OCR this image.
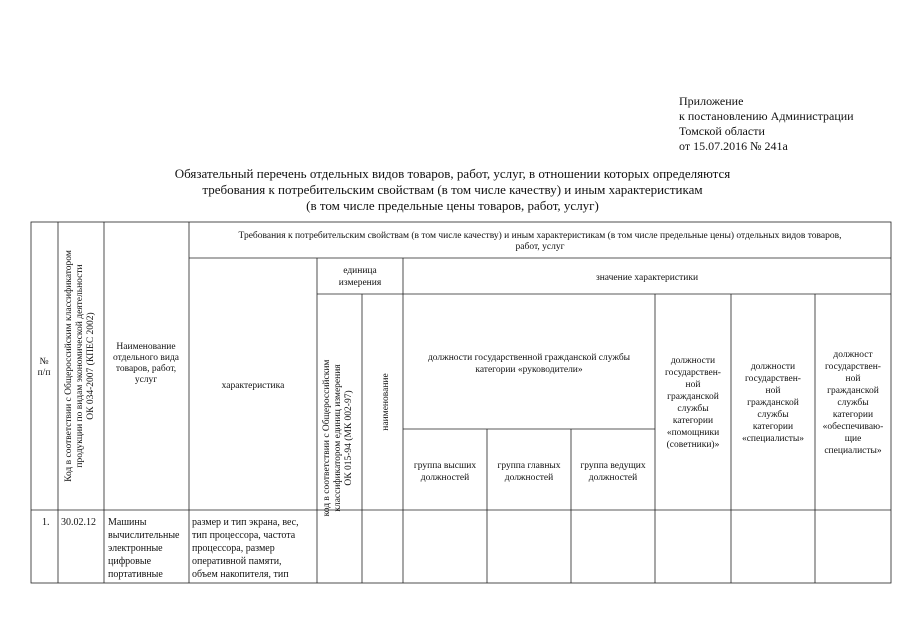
Приложение
к постановлению Администрации
Томской области
от 15.07.2016 № 241а
Обязательный перечень отдельных видов товаров, работ, услуг, в отношении которых определяются
требования к потребительским свойствам (в том числе качеству) и иным характеристикам
(в том числе предельные цены товаров, работ, услуг)
№
п/п Код в соответствии с Общероссийским классификатором продукции по видам экономической деятельности ОК 034-2007 (КПЕС 2002) Наименование
отдельного вида
товаров, работ,
услуг
Требования к потребительским свойствам (в том числе качеству) и иным характеристикам (в том числе предельные цены) отдельных видов товаров,
работ, услуг
характеристика
единица
измерения
код в соответствии с Общероссийским классификатором единиц измерения ОК 015-94 (МК 002-97)	наименование
значение характеристики
должности государственной гражданской службы
категории «руководители»
группа высших
должностей
группа главных
должностей
группа ведущих
должностей
должности
государствен-
ной
гражданской
службы
категории
«помощники
(советники)»
должности
государствен-
ной
гражданской
службы
категории
«специалисты»
должност
государствен-
ной
гражданской
службы
категории
«обеспечиваю-
щие
специалисты»
1. 30.02.12 Машины
вычислительные
электронные
цифровые
портативные
размер и тип экрана, вес,
тип процессора, частота
процессора, размер
оперативной памяти,
объем накопителя, тип
